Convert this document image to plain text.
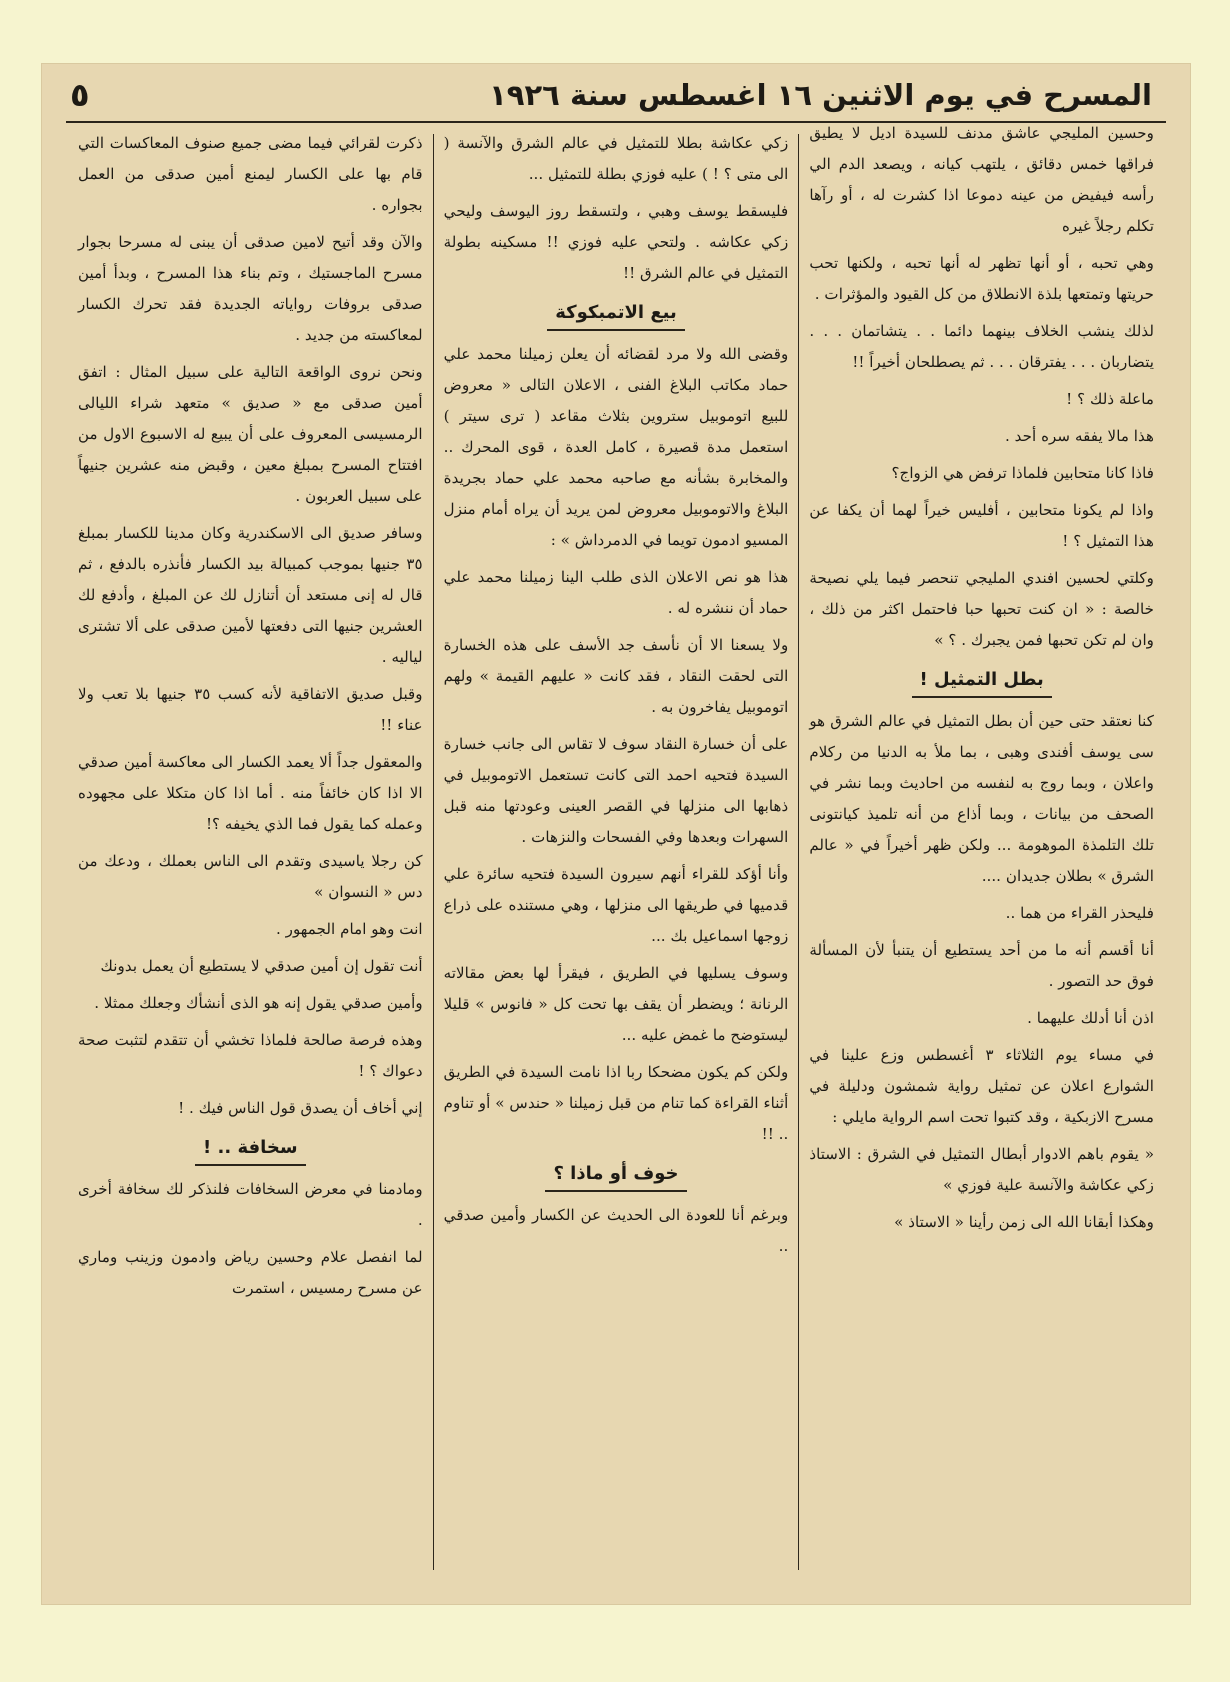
المسرح في يوم الاثنين ١٦ اغسطس سنة ١٩٢٦
٥

وحسين المليجي عاشق مدنف للسيدة اديل لا يطيق فراقها خمس دقائق ، يلتهب كيانه ، ويصعد الدم الي رأسه فيفيض من عينه دموعا اذا كشرت له ، أو رآها تكلم رجلاً غيره

وهي تحبه ، أو أنها تظهر له أنها تحبه ، ولكنها تحب حريتها وتمتعها بلذة الانطلاق من كل القيود والمؤثرات .

لذلك ينشب الخلاف بينهما دائما . . يتشاتمان . . . يتضاربان . . . يفترقان . . . ثم يصطلحان أخيراً !!

ماعلة ذلك ؟ !

هذا مالا يفقه سره أحد .

فاذا كانا متحابين فلماذا ترفض هي الزواج؟

واذا لم يكونا متحابين ، أفليس خيراً لهما أن يكفا عن هذا التمثيل ؟ !

وكلتي لحسين افندي المليجي تنحصر فيما يلي نصيحة خالصة : « ان كنت تحبها حبا فاحتمل اكثر من ذلك ، وان لم تكن تحبها فمن يجبرك . ؟ »

بطل التمثيل !

كنا نعتقد حتى حين أن بطل التمثيل في عالم الشرق هو سى يوسف أفندى وهبى ، بما ملأ به الدنيا من ركلام واعلان ، وبما روج به لنفسه من احاديث وبما نشر في الصحف من بيانات ، وبما أذاع من أنه تلميذ كيانتونى تلك التلمذة الموهومة ... ولكن ظهر أخيراً في « عالم الشرق » بطلان جديدان ....

فليحذر القراء من هما ..

أنا أقسم أنه ما من أحد يستطيع أن يتنبأ لأن المسألة فوق حد التصور .

اذن أنا أدلك عليهما .

في مساء يوم الثلاثاء ٣ أغسطس وزع علينا في الشوارع اعلان عن تمثيل رواية شمشون ودليلة في مسرح الازبكية ، وقد كتبوا تحت اسم الرواية مايلي :

« يقوم باهم الادوار أبطال التمثيل في الشرق : الاستاذ زكي عكاشة والآنسة علية فوزي »

وهكذا أبقانا الله الى زمن رأينا « الاستاذ »

زكي عكاشة بطلا للتمثيل في عالم الشرق والآنسة ( الى متى ؟ ! ) عليه فوزي بطلة للتمثيل ...

فليسقط يوسف وهبي ، ولتسقط روز اليوسف وليحي زكي عكاشه . ولتحي عليه فوزي !! مسكينه بطولة التمثيل في عالم الشرق !!

بيع الاتمبكوكة

وقضى الله ولا مرد لقضائه أن يعلن زميلنا محمد علي حماد مكاتب البلاغ الفنى ، الاعلان التالى « معروض للبيع اتوموبيل ستروين بثلاث مقاعد ( ترى سيتر ) استعمل مدة قصيرة ، كامل العدة ، قوى المحرك .. والمخابرة بشأنه مع صاحبه محمد علي حماد بجريدة البلاغ والاتوموبيل معروض لمن يريد أن يراه أمام منزل المسيو ادمون تويما في الدمرداش » :

هذا هو نص الاعلان الذى طلب الينا زميلنا محمد علي حماد أن ننشره له .

ولا يسعنا الا أن نأسف جد الأسف على هذه الخسارة التى لحقت النقاد ، فقد كانت « عليهم القيمة » ولهم اتوموبيل يفاخرون به .

على أن خسارة النقاد سوف لا تقاس الى جانب خسارة السيدة فتحيه احمد التى كانت تستعمل الاتوموبيل في ذهابها الى منزلها في القصر العينى وعودتها منه قبل السهرات وبعدها وفي الفسحات والنزهات .

وأنا أؤكد للقراء أنهم سيرون السيدة فتحيه سائرة علي قدميها في طريقها الى منزلها ، وهي مستنده على ذراع زوجها اسماعيل بك ...

وسوف يسليها في الطريق ، فيقرأ لها بعض مقالاته الرنانة ؛ ويضطر أن يقف بها تحت كل « فانوس » قليلا ليستوضح ما غمض عليه ...

ولكن كم يكون مضحكا ربا اذا نامت السيدة في الطريق أثناء القراءة كما تنام من قبل زميلنا « حندس » أو تناوم .. !!

خوف أو ماذا ؟

وبرغم أنا للعودة الى الحديث عن الكسار وأمين صدقي ..

ذكرت لقرائي فيما مضى جميع صنوف المعاكسات التي قام بها على الكسار ليمنع أمين صدقى من العمل بجواره .

والآن وقد أتيح لامين صدقى أن يبنى له مسرحا بجوار مسرح الماجستيك ، وتم بناء هذا المسرح ، وبدأ أمين صدقى بروفات رواياته الجديدة فقد تحرك الكسار لمعاكسته من جديد .

ونحن نروى الواقعة التالية على سبيل المثال : اتفق أمين صدقى مع « صديق » متعهد شراء الليالى الرمسيسى المعروف على أن يبيع له الاسبوع الاول من افتتاح المسرح بمبلغ معين ، وقبض منه عشرين جنيهاً على سبيل العربون .

وسافر صديق الى الاسكندرية وكان مدينا للكسار بمبلغ ٣٥ جنيها بموجب كمبيالة بيد الكسار فأنذره بالدفع ، ثم قال له إنى مستعد أن أتنازل لك عن المبلغ ، وأدفع لك العشرين جنيها التى دفعتها لأمين صدقى على ألا تشترى لياليه .

وقبل صديق الاتفاقية لأنه كسب ٣٥ جنيها بلا تعب ولا عناء !!

والمعقول جداً ألا يعمد الكسار الى معاكسة أمين صدقي الا اذا كان خائفاً منه . أما اذا كان متكلا على مجهوده وعمله كما يقول فما الذي يخيفه ؟!

كن رجلا ياسيدى وتقدم الى الناس بعملك ، ودعك من دس « النسوان »

انت وهو امام الجمهور .

أنت تقول إن أمين صدقي لا يستطيع أن يعمل بدونك

وأمين صدقي يقول إنه هو الذى أنشأك وجعلك ممثلا .

وهذه فرصة صالحة فلماذا تخشي أن تتقدم لتثبت صحة دعواك ؟ !

إني أخاف أن يصدق قول الناس فيك . !

سخافة .. !

ومادمنا في معرض السخافات فلنذكر لك سخافة أخرى .

لما انفصل علام وحسين رياض وادمون وزينب وماري عن مسرح رمسيس ، استمرت
